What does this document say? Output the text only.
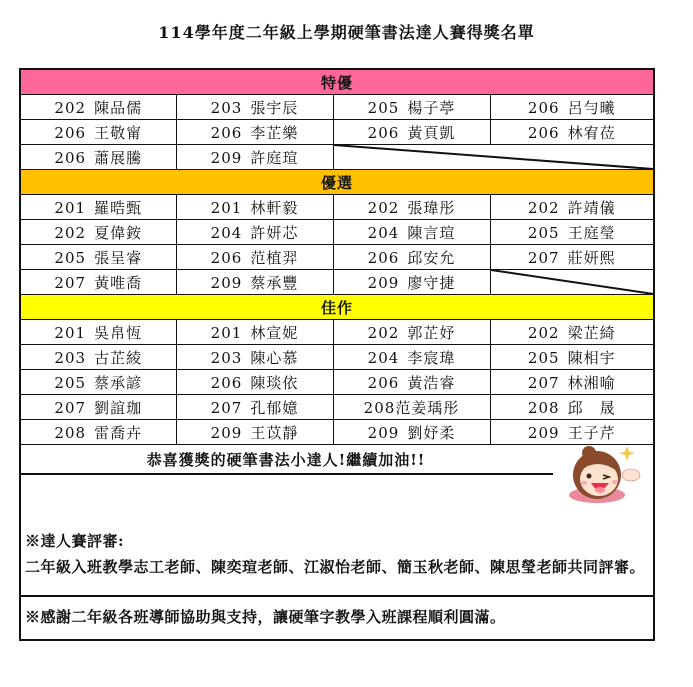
114學年度二年級上學期硬筆書法達人賽得獎名單
特優			
202 陳品儒	203 張宇辰	205 楊子葶	206 呂勻曦
206 王敬甯	206 李芷樂	206 黃頁凱	206 林宥莅
206 蕭展騰	209 許庭瑄	

優選			
201 羅晧甄	201 林軒毅	202 張瑋彤	202 許靖儀
202 夏偉銨	204 許妍芯	204 陳言瑄	205 王庭瑩
205 張呈睿	206 范植羿	206 邱安允	207 莊妍熙
207 黃唯喬	209 蔡承豐	209 廖守捷	

佳作			
201 吳帛恆	201 林宣妮	202 郭芷妤	202 梁芷綺
203 古芷綾	203 陳心慕	204 李宸瑋	205 陳相宇
205 蔡承諺	206 陳琰依	206 黃浩睿	207 林湘喻
207 劉誼珈	207 孔郁嬑	208范姜瑀彤	208 邱　晟
208 雷喬卉	209 王苡靜	209 劉妤柔	209 王子芹
恭喜獲獎的硬筆書法小達人!繼續加油!!
※達人賽評審:
二年級入班教學志工老師、陳奕瑄老師、江淑怡老師、簡玉秋老師、陳思瑩老師共同評審。
※感謝二年級各班導師協助與支持，讓硬筆字教學入班課程順利圓滿。
